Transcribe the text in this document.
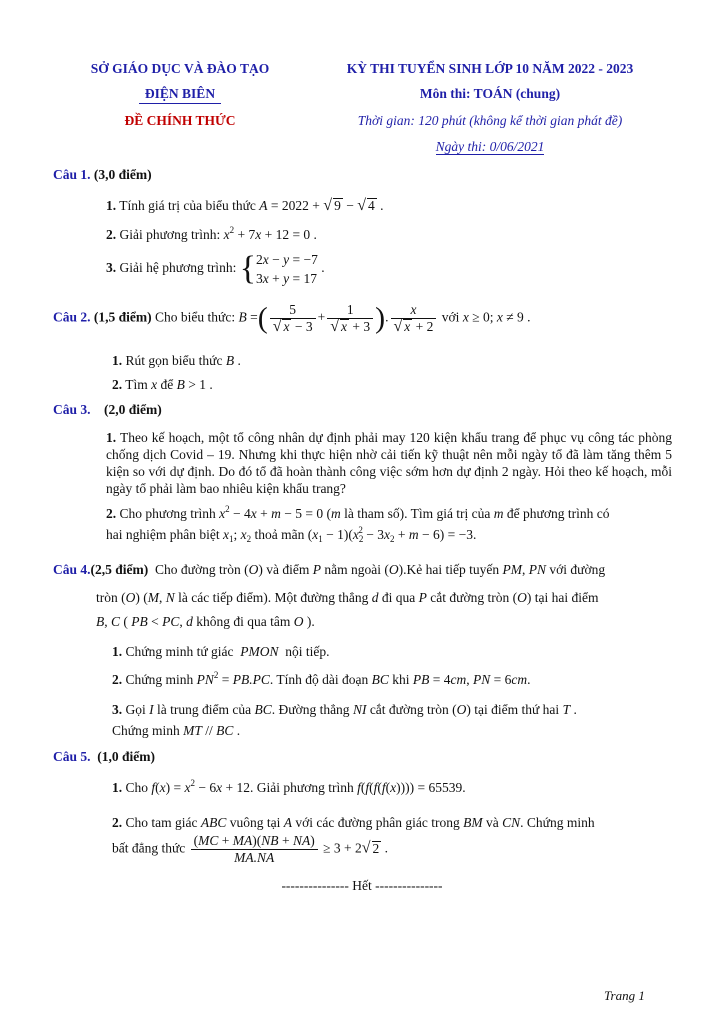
SỞ GIÁO DỤC VÀ ĐÀO TẠO
ĐIỆN BIÊN
ĐỀ CHÍNH THỨC
KỲ THI TUYỂN SINH LỚP 10 NĂM 2022 - 2023
Môn thi: TOÁN (chung)
Thời gian: 120 phút (không kể thời gian phát đề)
Ngày thi: 0/06/2021
Câu 1. (3,0 điểm)
1. Tính giá trị của biểu thức A = 2022 + √ 9 − √ 4 .
2. Giải phương trình: $x^2 + 7x + 12 = 0$ .
3. Giải hệ phương trình: {2x − y = −7
3x + y = 17 .
Câu 2. (1,5 điểm) Cho biểu thức: B =( $\frac{5}{√ x - 3} + \frac{1}{√ x + 3}$ ). $\frac{x}{√ x + 2}$ với x ≥ 0; x ≠ 9 .
1. Rút gọn biểu thức B .
2. Tìm x để B > 1 .
Câu 3. (2,0 điểm)
1. Theo kế hoạch, một tổ công nhân dự định phải may 120 kiện khẩu trang để phục vụ công tác phòng chống dịch Covid – 19. Nhưng khi thực hiện nhờ cải tiến kỹ thuật nên mỗi ngày tổ đã làm tăng thêm 5 kiện so với dự định. Do đó tổ đã hoàn thành công việc sớm hơn dự định 2 ngày. Hỏi theo kế hoạch, mỗi ngày tổ phải làm bao nhiêu kiện khẩu trang?
2. Cho phương trình $x^2 - 4x + m - 5 = 0$ (m là tham số). Tìm giá trị của m để phương trình có
hai nghiệm phân biệt $x_1$; $x_2$ thoả mãn $(x_1 - 1)(x_2^2 - 3x_2 + m - 6) = -3$.
Câu 4.(2,5 điểm) Cho đường tròn (O) và điểm P nằm ngoài (O).Kẻ hai tiếp tuyến PM, PN với đường
tròn (O) (M, N là các tiếp điểm). Một đường thẳng d đi qua P cắt đường tròn (O) tại hai điểm
B, C ( PB < PC, d không đi qua tâm O ).
1. Chứng minh tứ giác PMON nội tiếp.
2. Chứng minh $PN^2 = PB.PC$. Tính độ dài đoạn BC khi PB = 4cm, PN = 6cm.
3. Gọi I là trung điểm của BC. Đường thẳng NI cắt đường tròn (O) tại điểm thứ hai T .
Chứng minh MT // BC .
Câu 5. (1,0 điểm)
1. Cho $f(x) = x^2 - 6x + 12$. Giải phương trình f(f(f(f(x)))) = 65539.
2. Cho tam giác ABC vuông tại A với các đường phân giác trong BM và CN. Chứng minh
bất đẳng thức $\frac{(MC + MA)(NB + NA)}{MA.NA} \ge 3 + 2√$ 2 .
--------------- Hết ---------------
Trang 1
